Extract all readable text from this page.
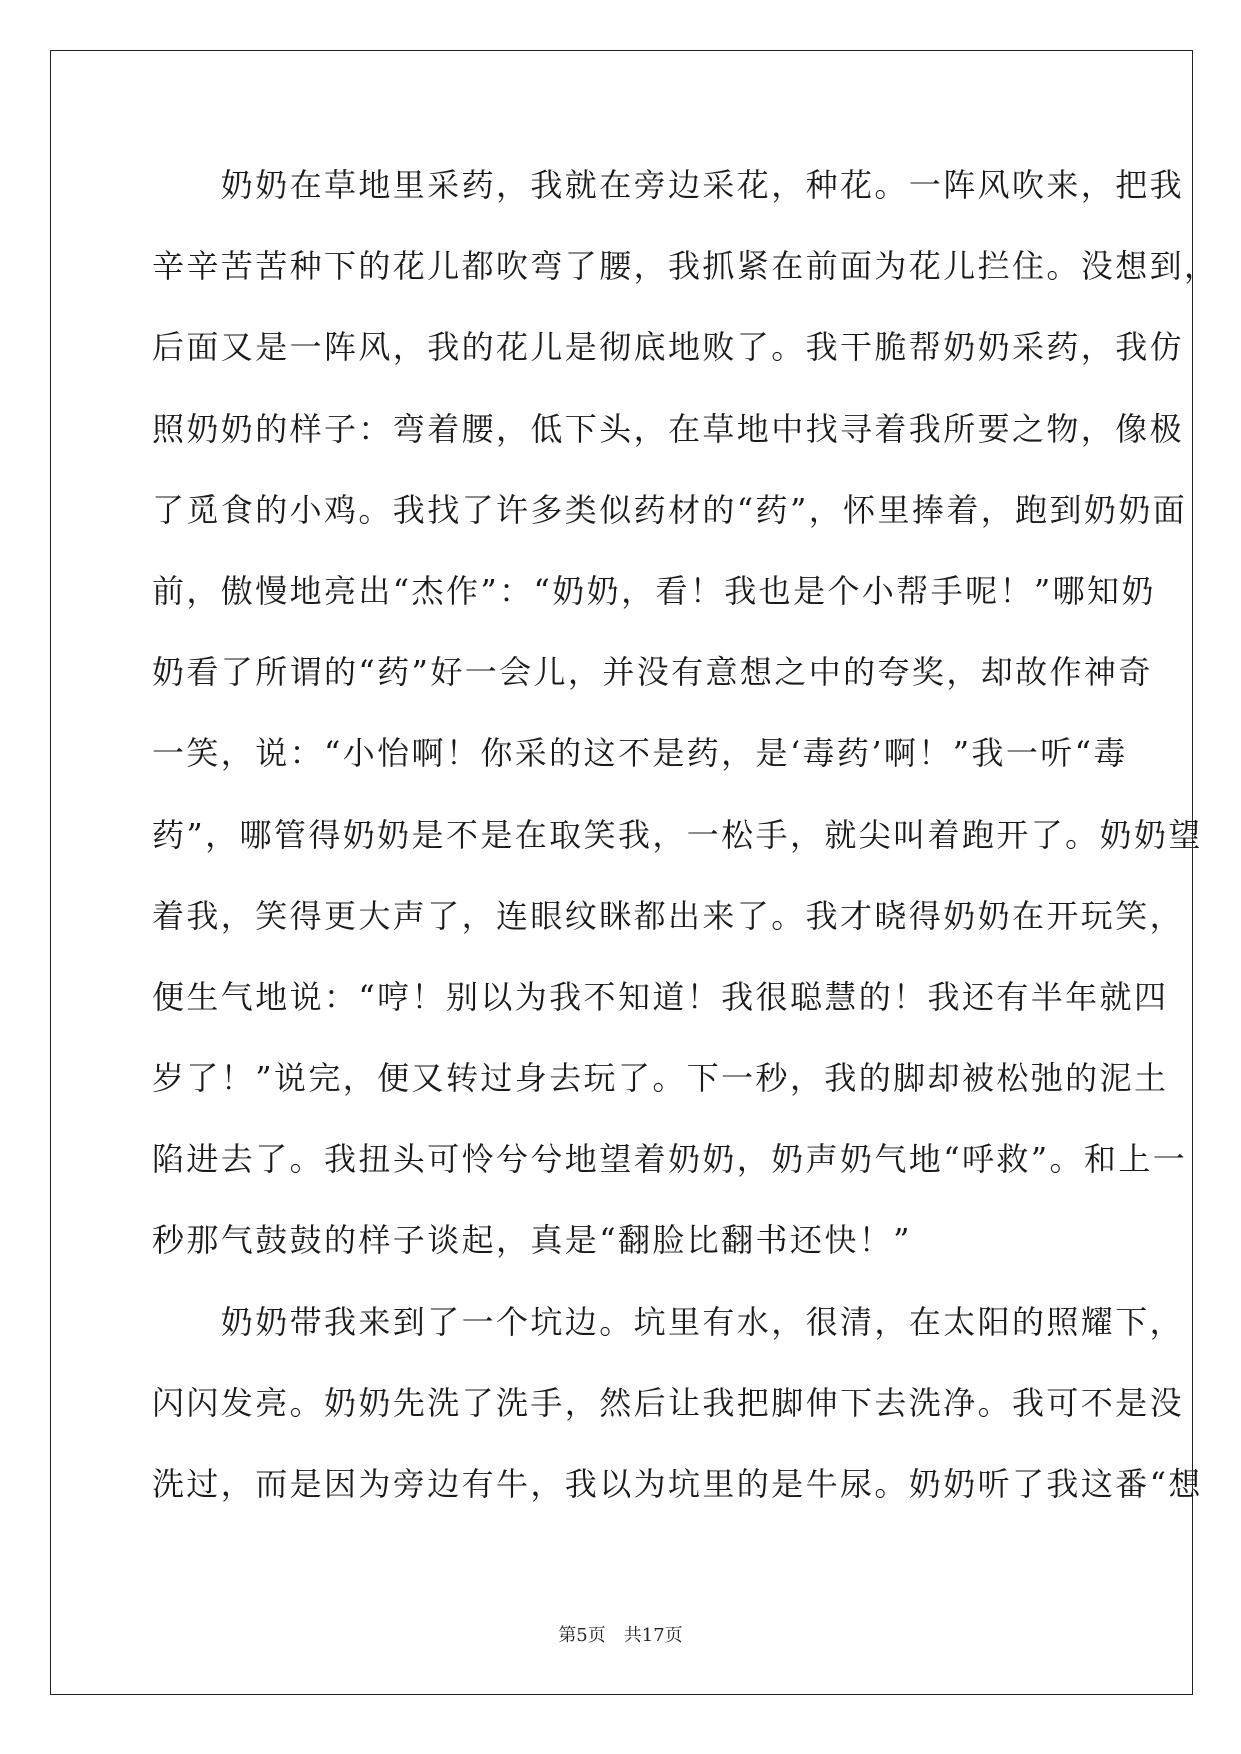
　　奶奶在草地里采药，我就在旁边采花，种花。一阵风吹来，把我
辛辛苦苦种下的花儿都吹弯了腰，我抓紧在前面为花儿拦住。没想到，
后面又是一阵风，我的花儿是彻底地败了。我干脆帮奶奶采药，我仿
照奶奶的样子：弯着腰，低下头，在草地中找寻着我所要之物，像极
了觅食的小鸡。我找了许多类似药材的“药”，怀里捧着，跑到奶奶面
前，傲慢地亮出“杰作”：“奶奶，看！我也是个小帮手呢！”哪知奶
奶看了所谓的“药”好一会儿，并没有意想之中的夸奖，却故作神奇
一笑，说：“小怡啊！你采的这不是药，是‘毒药’啊！”我一听“毒
药”，哪管得奶奶是不是在取笑我，一松手，就尖叫着跑开了。奶奶望
着我，笑得更大声了，连眼纹眯都出来了。我才晓得奶奶在开玩笑，
便生气地说：“哼！别以为我不知道！我很聪慧的！我还有半年就四
岁了！”说完，便又转过身去玩了。下一秒，我的脚却被松弛的泥土
陷进去了。我扭头可怜兮兮地望着奶奶，奶声奶气地“呼救”。和上一
秒那气鼓鼓的样子谈起，真是“翻脸比翻书还快！”
　　奶奶带我来到了一个坑边。坑里有水，很清，在太阳的照耀下，
闪闪发亮。奶奶先洗了洗手，然后让我把脚伸下去洗净。我可不是没
洗过，而是因为旁边有牛，我以为坑里的是牛尿。奶奶听了我这番“想
第5页　共17页
